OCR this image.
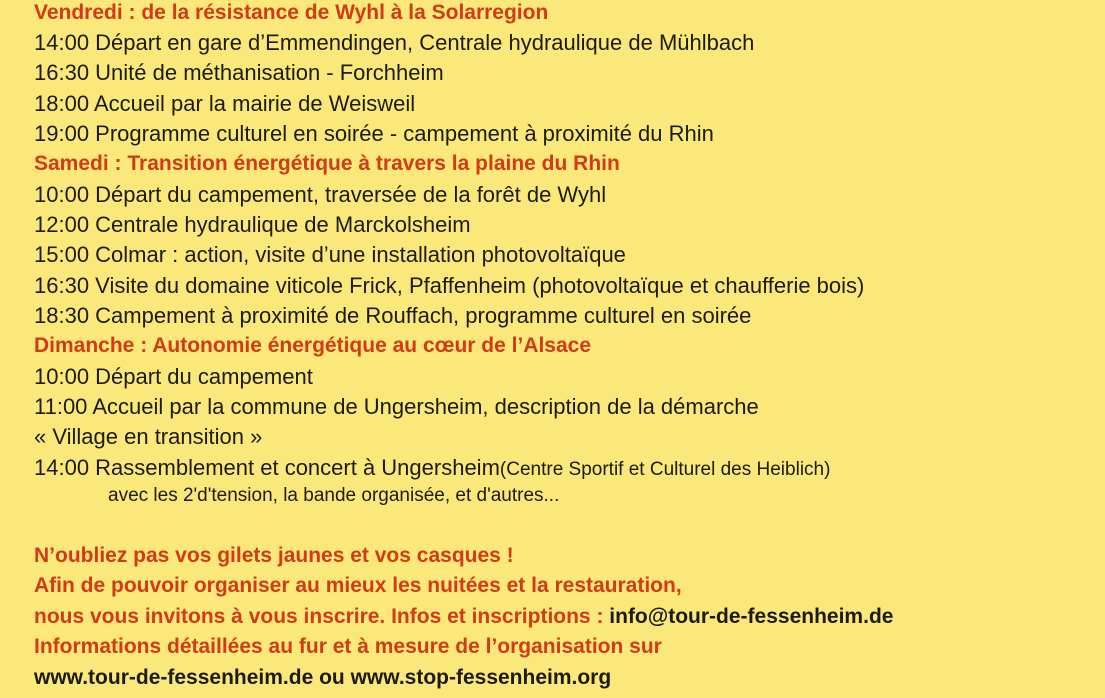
Vendredi : de la résistance de Wyhl à la Solarregion
14:00 Départ en gare d’Emmendingen, Centrale hydraulique de Mühlbach
16:30 Unité de méthanisation - Forchheim
18:00 Accueil par la mairie de Weisweil
19:00 Programme culturel en soirée - campement à proximité du Rhin
Samedi : Transition énergétique à travers la plaine du Rhin
10:00 Départ du campement, traversée de la forêt de Wyhl
12:00 Centrale hydraulique de Marckolsheim
15:00 Colmar : action, visite d’une installation photovoltaïque
16:30 Visite du domaine viticole Frick, Pfaffenheim (photovoltaïque et chaufferie bois)
18:30 Campement à proximité de Rouffach, programme culturel en soirée
Dimanche : Autonomie énergétique au cœur de l’Alsace
10:00 Départ du campement
11:00 Accueil par la commune de Ungersheim, description de la démarche
« Village en transition »
14:00 Rassemblement et concert à Ungersheim(Centre Sportif et Culturel des Heiblich)
avec les 2'd'tension, la bande organisée, et d'autres...
N’oubliez pas vos gilets jaunes et vos casques !
Afin de pouvoir organiser au mieux les nuitées et la restauration,
nous vous invitons à vous inscrire. Infos et inscriptions : info@tour-de-fessenheim.de
Informations détaillées au fur et à mesure de l’organisation sur
www.tour-de-fessenheim.de ou www.stop-fessenheim.org
